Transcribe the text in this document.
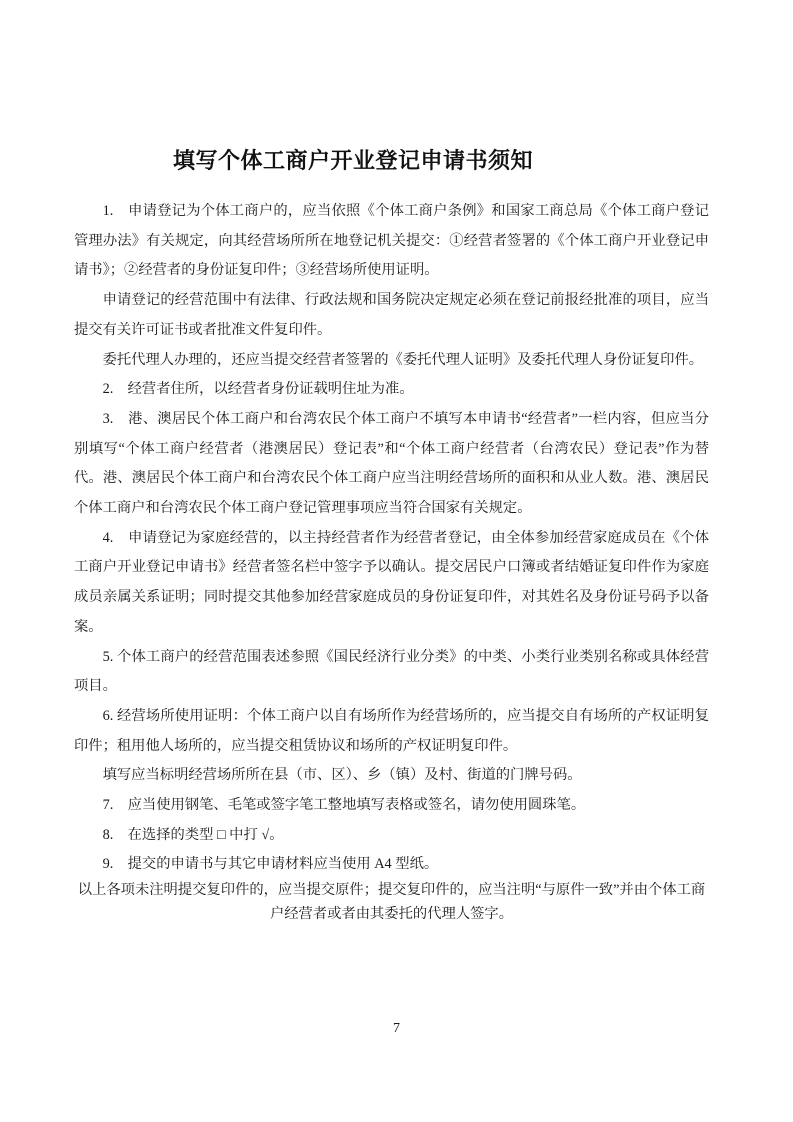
填写个体工商户开业登记申请书须知

1.　申请登记为个体工商户的，应当依照《个体工商户条例》和国家工商总局《个体工商户登记管理办法》有关规定，向其经营场所所在地登记机关提交：①经营者签署的《个体工商户开业登记申请书》；②经营者的身份证复印件；③经营场所使用证明。

申请登记的经营范围中有法律、行政法规和国务院决定规定必须在登记前报经批准的项目，应当提交有关许可证书或者批准文件复印件。

委托代理人办理的，还应当提交经营者签署的《委托代理人证明》及委托代理人身份证复印件。

2.　经营者住所，以经营者身份证载明住址为准。

3.　港、澳居民个体工商户和台湾农民个体工商户不填写本申请书“经营者”一栏内容，但应当分别填写“个体工商户经营者（港澳居民）登记表”和“个体工商户经营者（台湾农民）登记表”作为替代。港、澳居民个体工商户和台湾农民个体工商户应当注明经营场所的面积和从业人数。港、澳居民个体工商户和台湾农民个体工商户登记管理事项应当符合国家有关规定。

4.　申请登记为家庭经营的，以主持经营者作为经营者登记，由全体参加经营家庭成员在《个体工商户开业登记申请书》经营者签名栏中签字予以确认。提交居民户口簿或者结婚证复印件作为家庭成员亲属关系证明；同时提交其他参加经营家庭成员的身份证复印件，对其姓名及身份证号码予以备案。

5. 个体工商户的经营范围表述参照《国民经济行业分类》的中类、小类行业类别名称或具体经营项目。

6. 经营场所使用证明：个体工商户以自有场所作为经营场所的，应当提交自有场所的产权证明复印件；租用他人场所的，应当提交租赁协议和场所的产权证明复印件。

填写应当标明经营场所所在县（市、区）、乡（镇）及村、街道的门牌号码。

7.　应当使用钢笔、毛笔或签字笔工整地填写表格或签名，请勿使用圆珠笔。

8.　在选择的类型 □ 中打 √。

9.　提交的申请书与其它申请材料应当使用 A4 型纸。

以上各项未注明提交复印件的，应当提交原件；提交复印件的，应当注明“与原件一致”并由个体工商户经营者或者由其委托的代理人签字。

7
